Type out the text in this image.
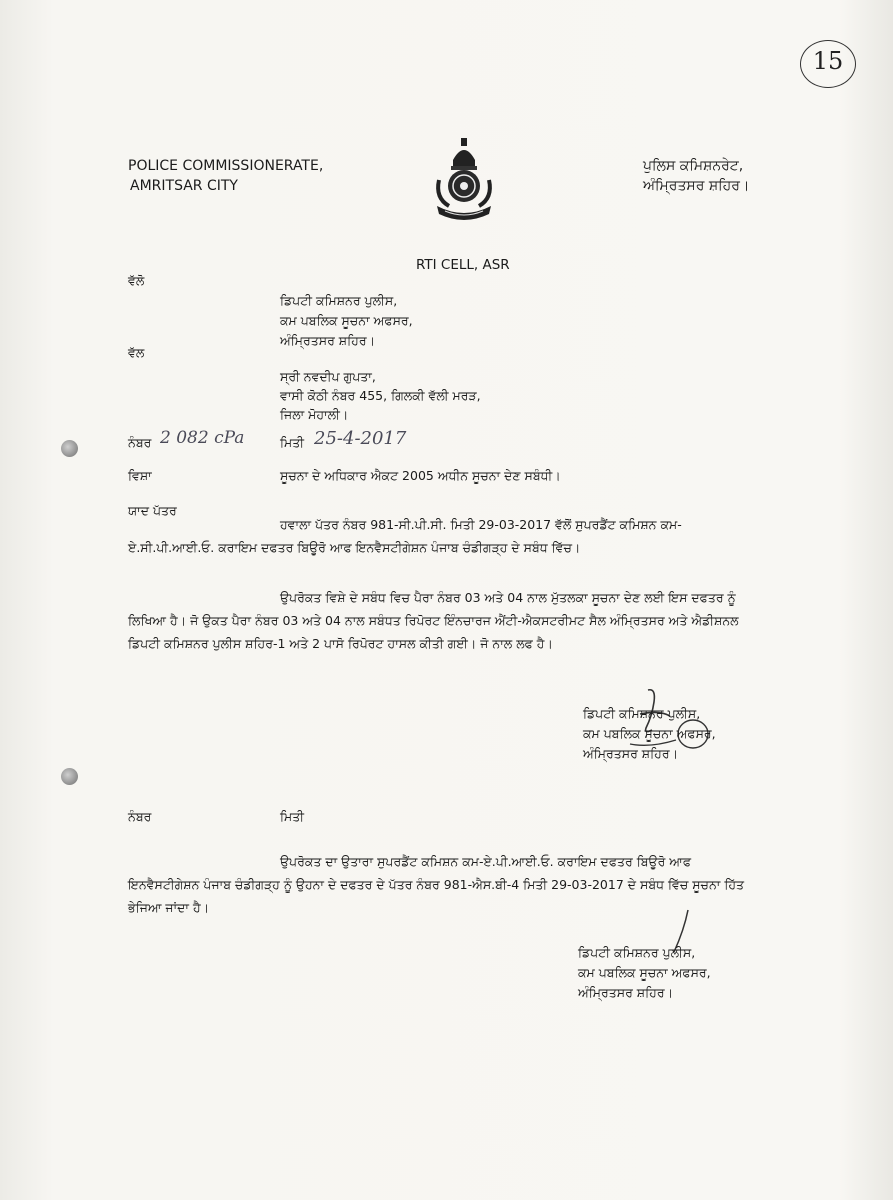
15
POLICE COMMISSIONERATE,
AMRITSAR CITY
ਪੁਲਿਸ ਕਮਿਸ਼ਨਰੇਟ,
ਅੰਮ੍ਰਿਤਸਰ ਸ਼ਹਿਰ।
RTI CELL, ASR
ਵੱਲੋ
ਡਿਪਟੀ ਕਮਿਸ਼ਨਰ ਪੁਲੀਸ,
ਕਮ ਪਬਲਿਕ ਸੂਚਨਾ ਅਫਸਰ,
ਅੰਮ੍ਰਿਤਸਰ ਸ਼ਹਿਰ।
ਵੱਲ
ਸ੍ਰੀ ਨਵਦੀਪ ਗੁਪਤਾ,
ਵਾਸੀ ਕੋਠੀ ਨੰਬਰ 455, ਗਿਲਕੀ ਵੱਲੀ ਮਰੜ,
ਜਿਲਾ ਮੋਹਾਲੀ।
ਨੰਬਰ 2 082 cPa	ਮਿਤੀ 25-4-2017
ਵਿਸ਼ਾ	ਸੂਚਨਾ ਦੇ ਅਧਿਕਾਰ ਐਕਟ 2005 ਅਧੀਨ ਸੂਚਨਾ ਦੇਣ ਸਬੰਧੀ।
ਯਾਦ ਪੱਤਰ
ਹਵਾਲਾ ਪੱਤਰ ਨੰਬਰ 981-ਸੀ.ਪੀ.ਸੀ. ਮਿਤੀ 29-03-2017 ਵੱਲੋਂ ਸੁਪਰਡੈਂਟ ਕਮਿਸ਼ਨ ਕਮ-ਏ.ਸੀ.ਪੀ.ਆਈ.ਓ. ਕਰਾਇਮ ਦਫਤਰ ਬਿਊਰੋ ਆਫ ਇਨਵੈਸਟੀਗੇਸ਼ਨ ਪੰਜਾਬ ਚੰਡੀਗੜ੍ਹ ਦੇ ਸਬੰਧ ਵਿੱਚ।
ਉਪਰੋਕਤ ਵਿਸ਼ੇ ਦੇ ਸਬੰਧ ਵਿਚ ਪੈਰਾ ਨੰਬਰ 03 ਅਤੇ 04 ਨਾਲ ਮੁੱਤਲਕਾ ਸੂਚਨਾ ਦੇਣ ਲਈ ਇਸ ਦਫਤਰ ਨੂੰ ਲਿਖਿਆ ਹੈ। ਜੋ ਉਕਤ ਪੈਰਾ ਨੰਬਰ 03 ਅਤੇ 04 ਨਾਲ ਸਬੰਧਤ ਰਿਪੋਰਟ ਇੰਨਚਾਰਜ ਐਂਟੀ-ਐਕਸਟਰੀਮਟ ਸੈਲ ਅੰਮ੍ਰਿਤਸਰ ਅਤੇ ਐਡੀਸ਼ਨਲ ਡਿਪਟੀ ਕਮਿਸ਼ਨਰ ਪੁਲੀਸ ਸ਼ਹਿਰ-1 ਅਤੇ 2 ਪਾਸੋ ਰਿਪੋਰਟ ਹਾਸਲ ਕੀਤੀ ਗਈ। ਜੋ ਨਾਲ ਲਫ ਹੈ।
ਡਿਪਟੀ ਕਮਿਸ਼ਨਰ ਪੁਲੀਸ,
ਕਮ ਪਬਲਿਕ ਸੂਚਨਾ ਅਫਸਰ,
ਅੰਮ੍ਰਿਤਸਰ ਸ਼ਹਿਰ।
ਨੰਬਰ	ਮਿਤੀ
ਉਪਰੋਕਤ ਦਾ ਉਤਾਰਾ ਸੁਪਰਡੈਂਟ ਕਮਿਸ਼ਨ ਕਮ-ਏ.ਪੀ.ਆਈ.ਓ. ਕਰਾਇਮ ਦਫਤਰ ਬਿਊਰੋ ਆਫ ਇਨਵੈਸਟੀਗੇਸ਼ਨ ਪੰਜਾਬ ਚੰਡੀਗੜ੍ਹ ਨੂੰ ਉਹਨਾ ਦੇ ਦਫਤਰ ਦੇ ਪੱਤਰ ਨੰਬਰ 981-ਐਸ.ਬੀ-4 ਮਿਤੀ 29-03-2017 ਦੇ ਸਬੰਧ ਵਿੱਚ ਸੂਚਨਾ ਹਿੱਤ ਭੇਜਿਆ ਜਾਂਦਾ ਹੈ।
ਡਿਪਟੀ ਕਮਿਸ਼ਨਰ ਪੁਲੀਸ,
ਕਮ ਪਬਲਿਕ ਸੂਚਨਾ ਅਫਸਰ,
ਅੰਮ੍ਰਿਤਸਰ ਸ਼ਹਿਰ।
